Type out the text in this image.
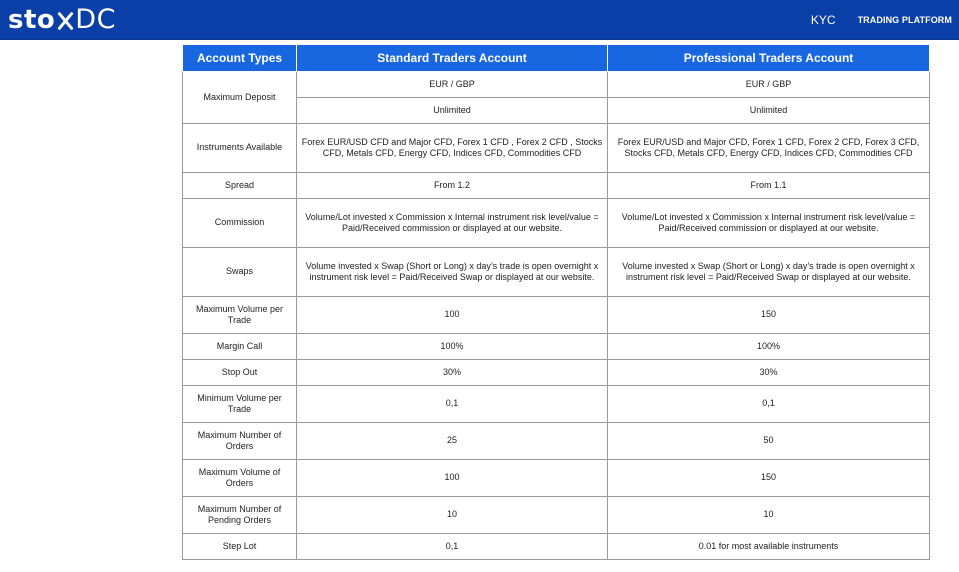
sto DC	KYC TRADING PLATFORM
Account Types	Standard Traders Account	Professional Traders Account
Maximum Deposit	EUR / GBP	EUR / GBP
	Unlimited	Unlimited
Instruments Available	Forex EUR/USD CFD and Major CFD, Forex 1 CFD , Forex 2 CFD , Stocks CFD, Metals CFD, Energy CFD, Indices CFD, Commodities CFD	Forex EUR/USD and Major CFD, Forex 1 CFD, Forex 2 CFD, Forex 3 CFD, Stocks CFD, Metals CFD, Energy CFD, Indices CFD, Commodities CFD
Spread	From 1.2	From 1.1
Commission	Volume/Lot invested x Commission x Internal instrument risk level/value = Paid/Received commission or displayed at our website.	Volume/Lot invested x Commission x Internal instrument risk level/value = Paid/Received commission or displayed at our website.
Swaps	Volume invested x Swap (Short or Long) x day’s trade is open overnight x instrument risk level = Paid/Received Swap or displayed at our website.	Volume invested x Swap (Short or Long) x day’s trade is open overnight x instrument risk level = Paid/Received Swap or displayed at our website.
Maximum Volume per Trade	100	150
Margin Call	100%	100%
Stop Out	30%	30%
Minimum Volume per Trade	0,1	0,1
Maximum Number of Orders	25	50
Maximum Volume of Orders	100	150
Maximum Number of Pending Orders	10	10
Step Lot	0,1	0.01 for most available instruments
